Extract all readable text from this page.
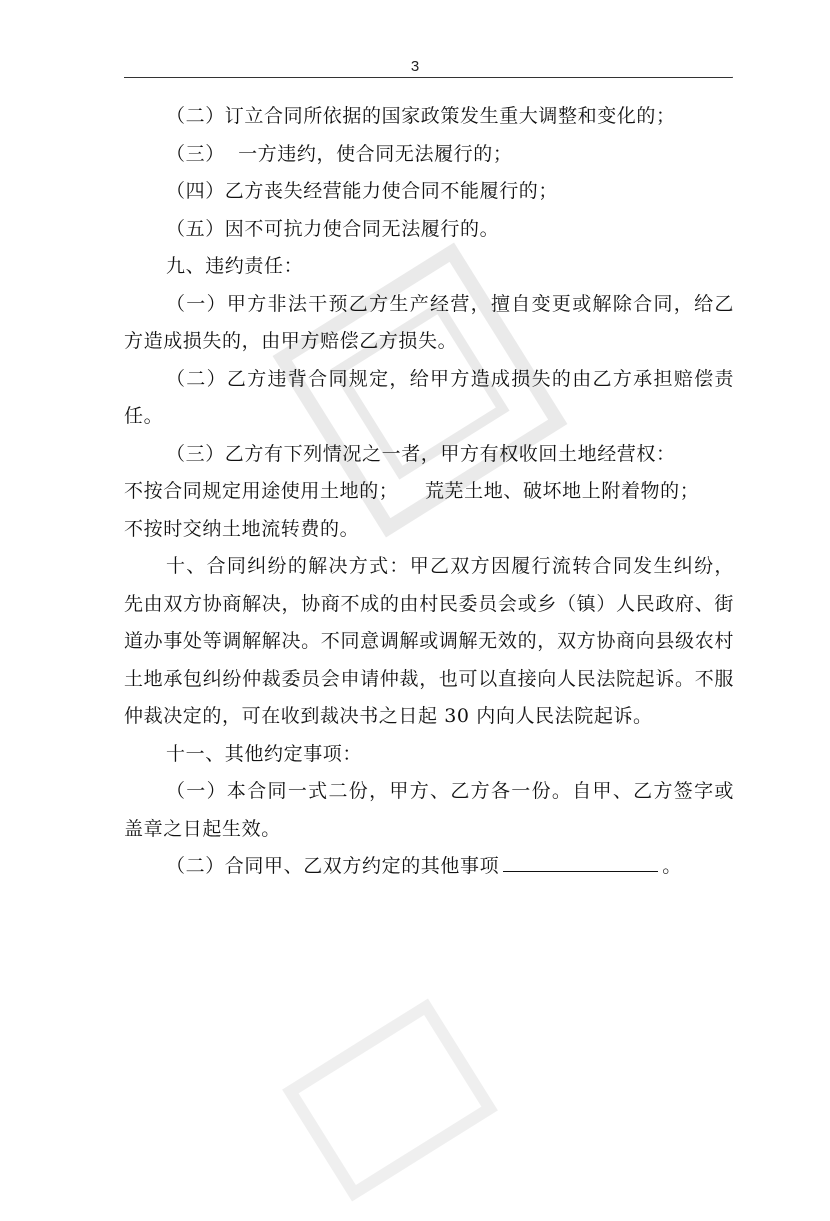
3
.

（二）订立合同所依据的国家政策发生重大调整和变化的；

（三）  一方违约，使合同无法履行的；

（四）乙方丧失经营能力使合同不能履行的；

（五）因不可抗力使合同无法履行的。

九、违约责任：

（一）甲方非法干预乙方生产经营，擅自变更或解除合同，给乙方造成损失的，由甲方赔偿乙方损失。

（二）乙方违背合同规定，给甲方造成损失的由乙方承担赔偿责任。

（三）乙方有下列情况之一者，甲方有权收回土地经营权：

不按合同规定用途使用土地的；    荒芜土地、破坏地上附着物的；

不按时交纳土地流转费的。

十、合同纠纷的解决方式：甲乙双方因履行流转合同发生纠纷，先由双方协商解决，协商不成的由村民委员会或乡（镇）人民政府、街道办事处等调解解决。不同意调解或调解无效的，双方协商向县级农村土地承包纠纷仲裁委员会申请仲裁，也可以直接向人民法院起诉。不服仲裁决定的，可在收到裁决书之日起 30 内向人民法院起诉。

十一、其他约定事项：

（一）本合同一式二份，甲方、乙方各一份。自甲、乙方签字或盖章之日起生效。

（二）合同甲、乙双方约定的其他事项	。
